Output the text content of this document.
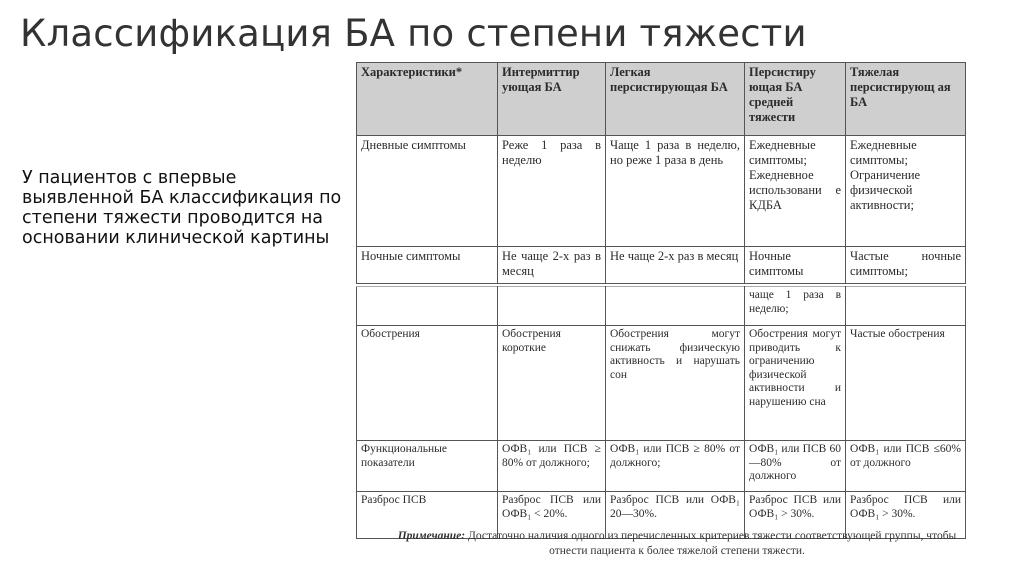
Классификация БА по степени тяжести
У пациентов с впервые выявленной БА классификация по степени тяжести проводится на основании клинической картины
Характеристики*	Интермиттир ующая БА	Легкая персистирующая БА	Персистиру ющая БА средней тяжести	Тяжелая персистирующ ая БА
Дневные симптомы	Реже 1 раза в неделю	Чаще 1 раза в неделю, но реже 1 раза в день	Ежедневные симптомы; Ежедневное использовани е КДБА	Ежедневные симптомы; Ограничение физической активности;
Ночные симптомы	Не чаще 2-х раз в месяц	Не чаще 2-х раз в месяц	Ночные симптомы	Частые ночные симптомы;
			чаще 1 раза в неделю;	
Обострения	Обострения короткие	Обострения могут снижать физическую активность и нарушать сон	Обострения могут приводить к ограничению физической активности и нарушению сна	Частые обострения
Функциональные показатели	ОФВ₁ или ПСВ ≥ 80% от должного;	ОФВ₁ или ПСВ ≥ 80% от должного;	ОФВ₁ или ПСВ 60—80% от должного	ОФВ₁ или ПСВ ≤60% от должного
Разброс ПСВ	Разброс ПСВ или ОФВ₁ < 20%.	Разброс ПСВ или ОФВ₁ 20—30%.	Разброс ПСВ или ОФВ₁ > 30%.	Разброс ПСВ или ОФВ₁ > 30%.
Примечание: Достаточно наличия одного из перечисленных критериев тяжести соответствующей группы, чтобы отнести пациента к более тяжелой степени тяжести.
